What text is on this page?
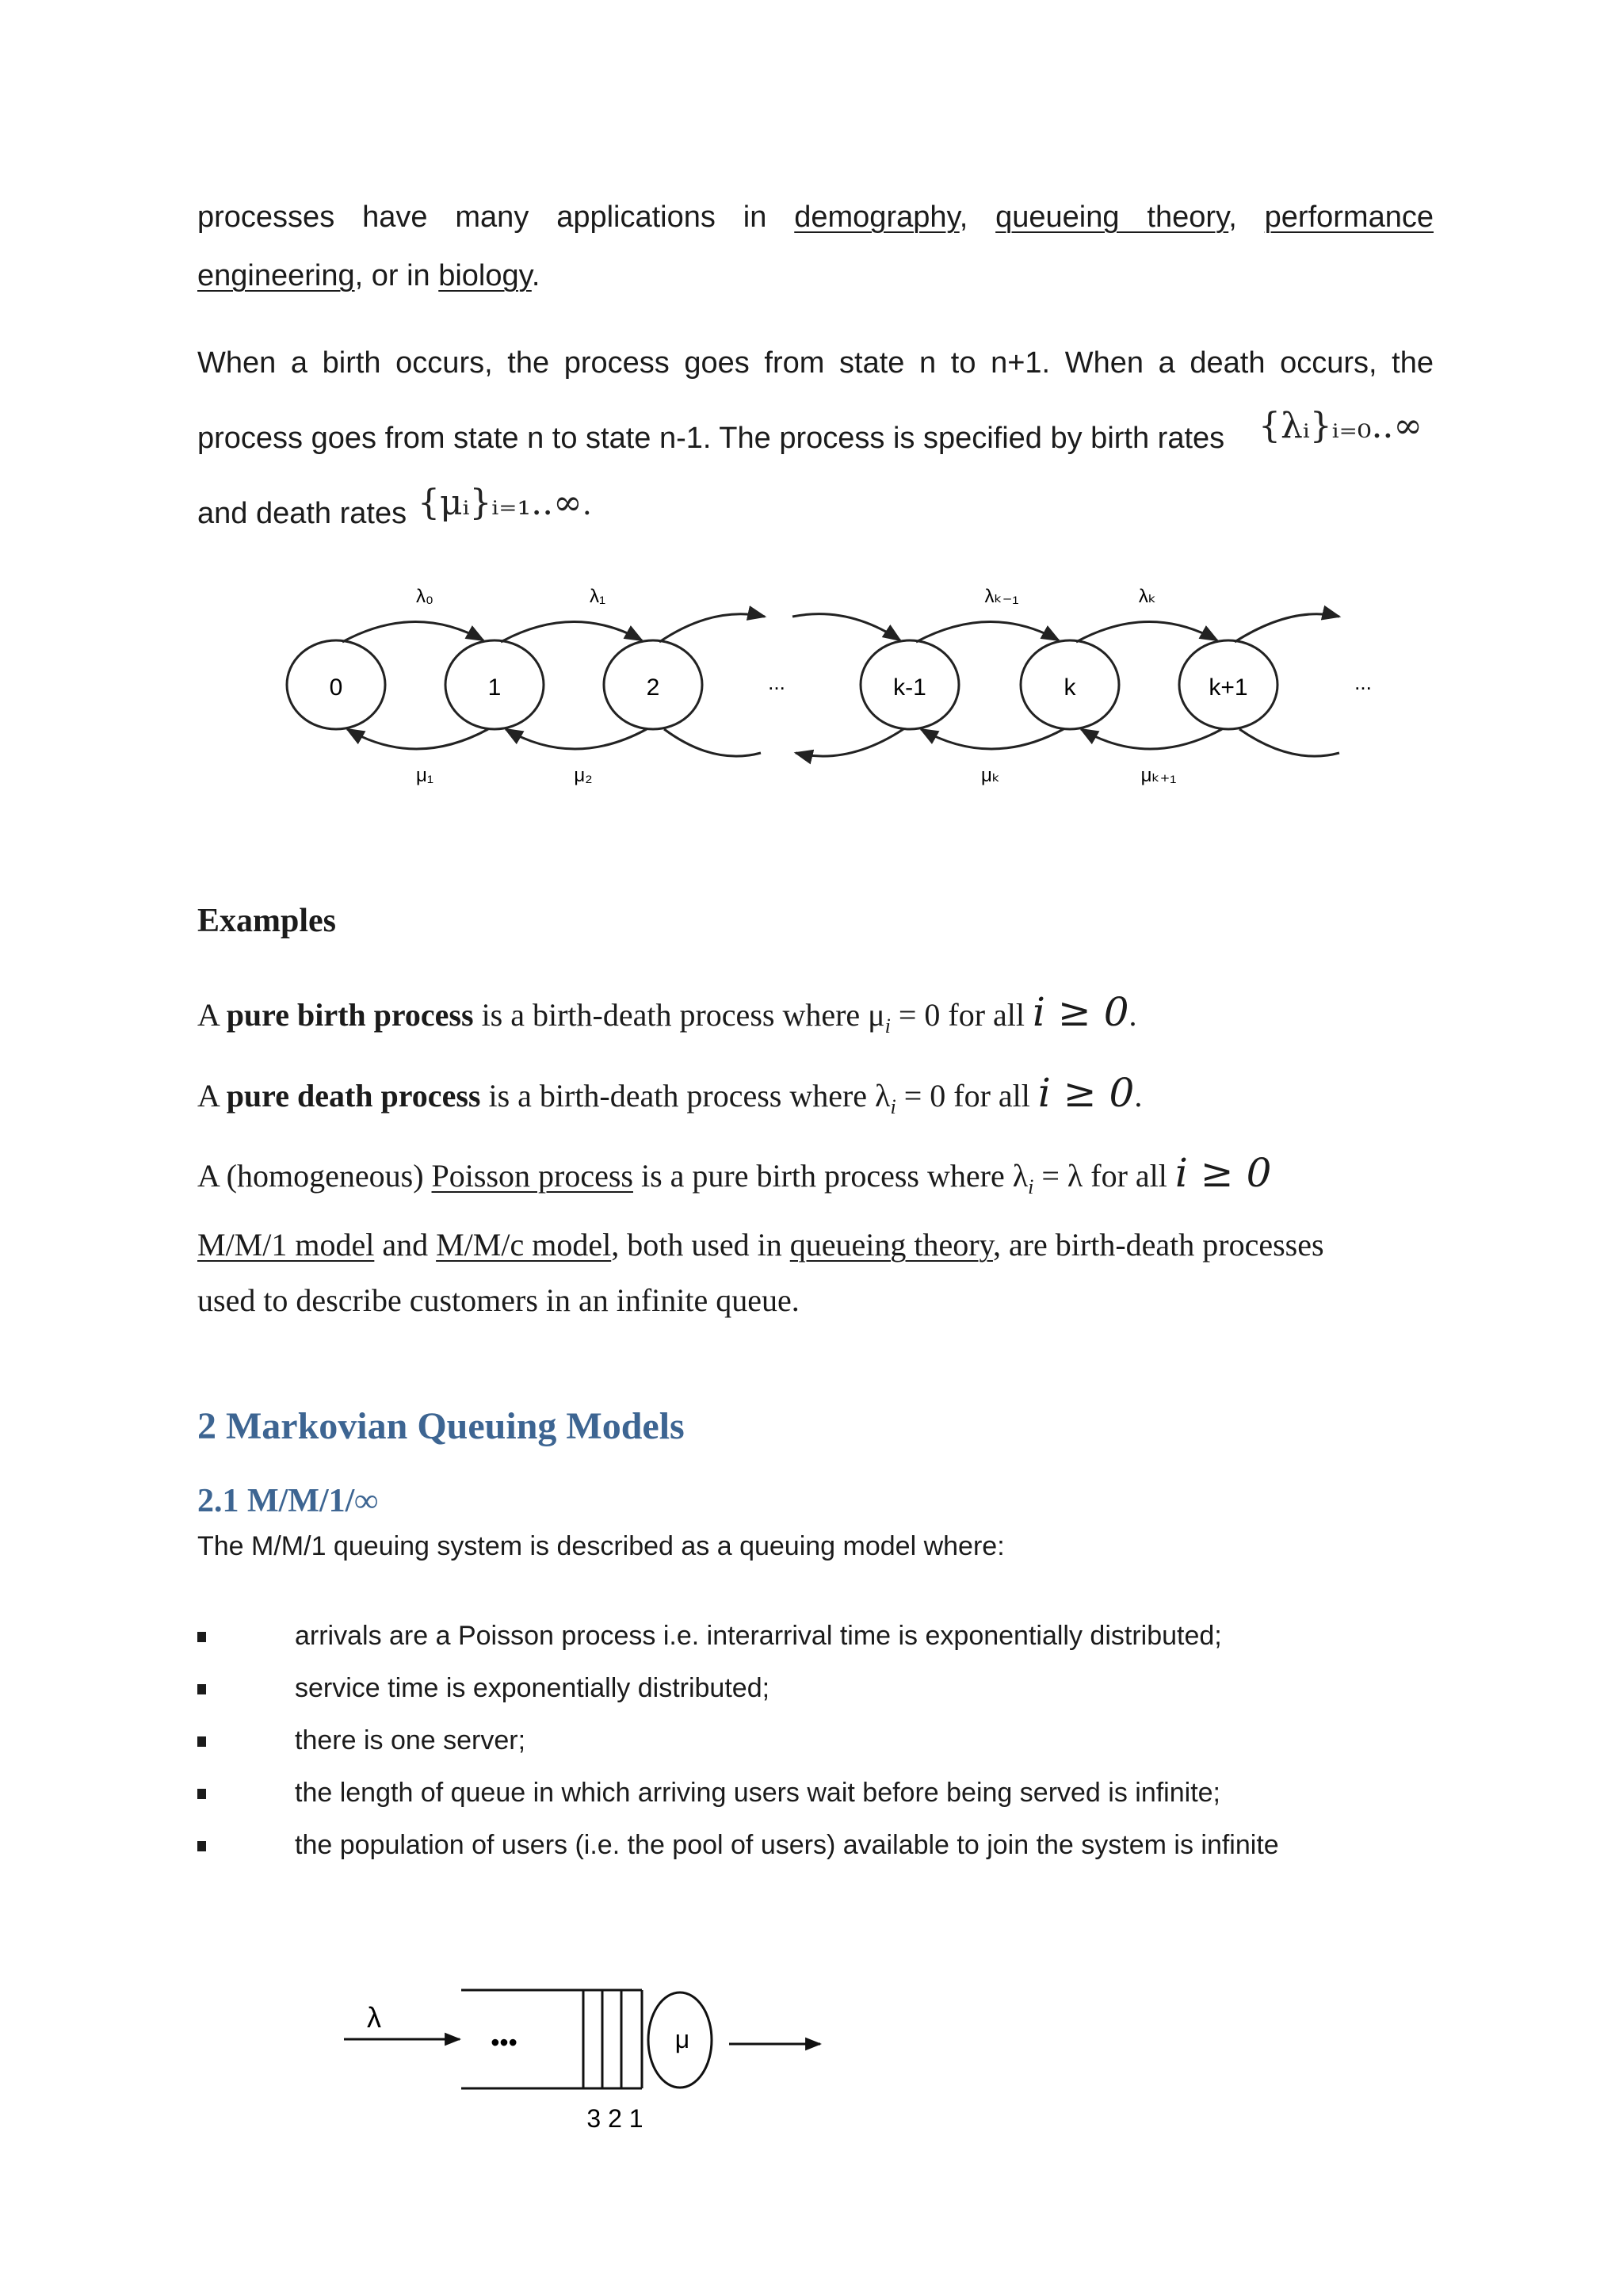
processes have many applications in demography, queueing theory, performance
engineering, or in biology.
When a birth occurs, the process goes from state n to n+1. When a death occurs, the
process goes from state n to state n-1. The process is specified by birth rates {λᵢ}ᵢ₌₀..∞
and death rates {μᵢ}ᵢ₌₁..∞.
0	1	2	k-1	k	k+1
...	...
λ₀	λ₁	λₖ₋₁	λₖ
μ₁	μ₂	μₖ	μₖ₊₁
Examples
A pure birth process is a birth-death process where $\mu_i = 0$ for all i ≥ 0.
A pure death process is a birth-death process where $\lambda_i = 0$ for all i ≥ 0.
A (homogeneous) Poisson process is a pure birth process where $\lambda_i = \lambda$ for all i ≥ 0
M/M/1 model and M/M/c model, both used in queueing theory, are birth-death processes
used to describe customers in an infinite queue.
2 Markovian Queuing Models
2.1 M/M/1/∞
The M/M/1 queuing system is described as a queuing model where:
arrivals are a Poisson process i.e. interarrival time is exponentially distributed;
service time is exponentially distributed;
there is one server;
the length of queue in which arriving users wait before being served is infinite;
the population of users (i.e. the pool of users) available to join the system is infinite
λ
•••	μ
3 2 1
